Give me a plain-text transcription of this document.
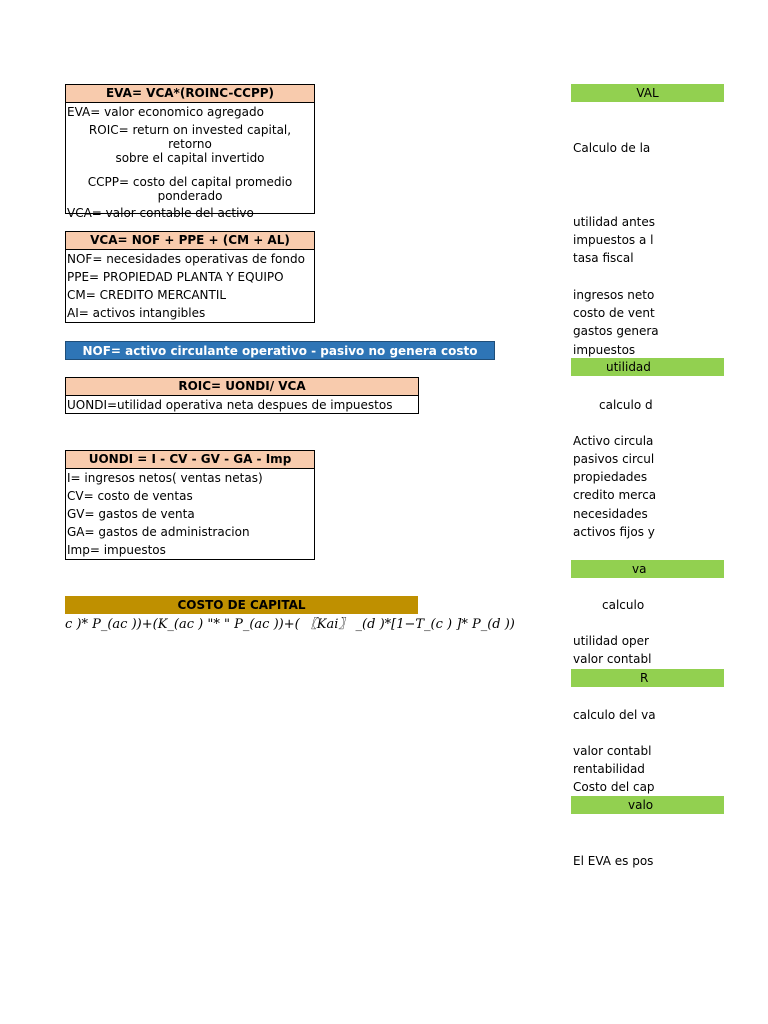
EVA= VCA*(ROINC-CCPP)
EVA= valor economico agregado
ROIC= return on invested capital, retorno
sobre el capital invertido
CCPP= costo del capital promedio
ponderado
VCA= valor contable del activo
VCA= NOF + PPE + (CM + AL)
NOF= necesidades operativas de fondo
PPE= PROPIEDAD PLANTA Y EQUIPO
CM= CREDITO MERCANTIL
AI= activos intangibles
NOF= activo circulante operativo - pasivo no genera costo
ROIC= UONDI/ VCA
UONDI=utilidad operativa neta despues de impuestos
UONDI = I - CV - GV - GA - Imp
I= ingresos netos( ventas netas)
CV= costo de ventas
GV= gastos de venta
GA= gastos de administracion
Imp= impuestos
COSTO DE CAPITAL
c )* P_(ac ))+(K_(ac ) "* " P_(ac ))+( 〖Kai〗 _(d )*[1−T_(c ) ]* P_(d ))
VAL
Calculo de la
utilidad antes
impuestos a l
tasa fiscal
ingresos neto
costo de vent
gastos genera
impuestos
utilidad
calculo d
Activo circula
pasivos circul
propiedades
credito merca
necesidades
activos fijos y
va
calculo
utilidad oper
valor contabl
R
calculo del va
valor contabl
rentabilidad
Costo del cap
valo
El EVA es pos
